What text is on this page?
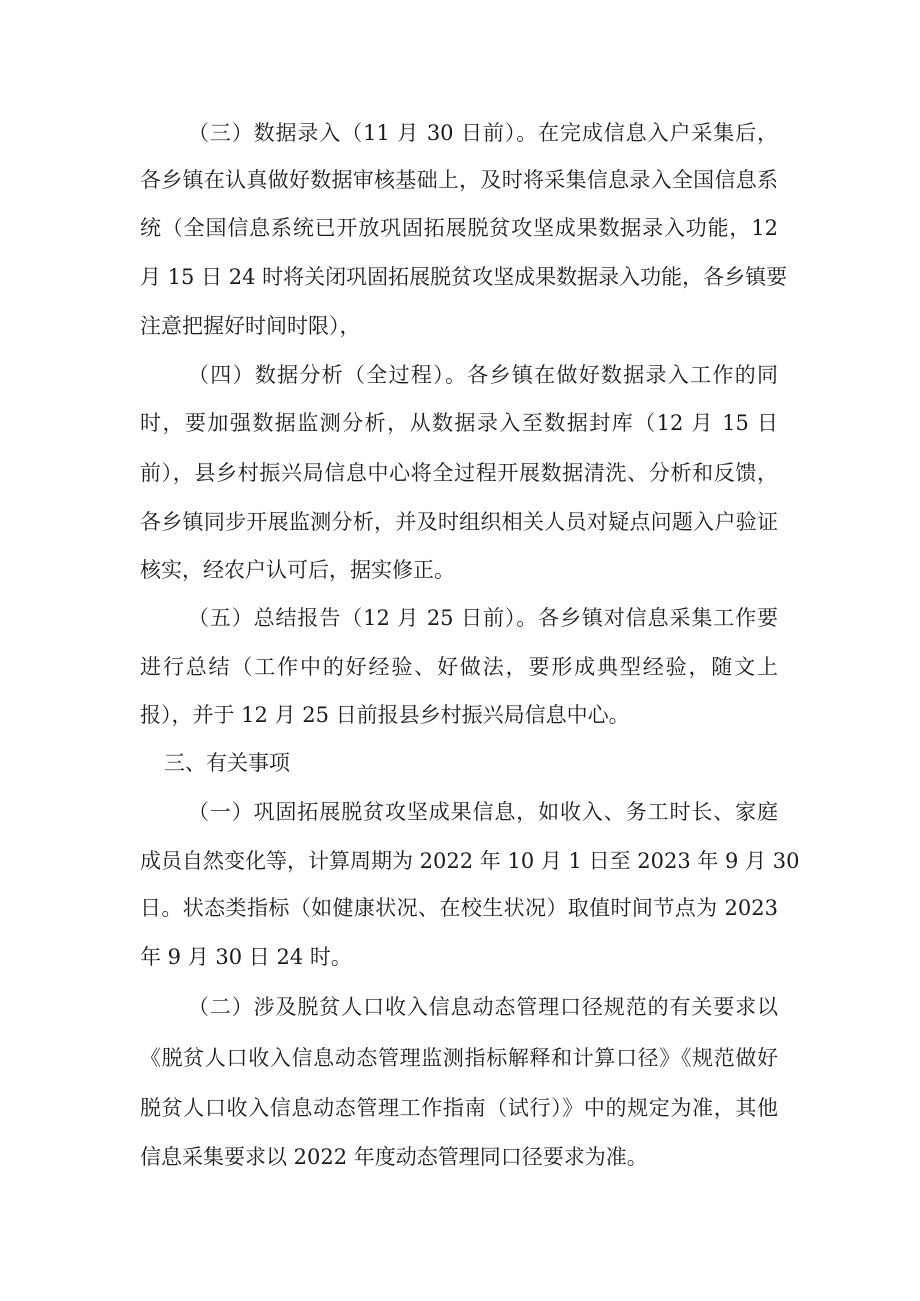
（三）数据录入（11 月 30 日前）。在完成信息入户采集后，
各乡镇在认真做好数据审核基础上，及时将采集信息录入全国信息系
统（全国信息系统已开放巩固拓展脱贫攻坚成果数据录入功能，12
月 15 日 24 时将关闭巩固拓展脱贫攻坚成果数据录入功能，各乡镇要
注意把握好时间时限），
（四）数据分析（全过程）。各乡镇在做好数据录入工作的同
时，要加强数据监测分析，从数据录入至数据封库（12 月 15 日
前），县乡村振兴局信息中心将全过程开展数据清洗、分析和反馈，
各乡镇同步开展监测分析，并及时组织相关人员对疑点问题入户验证
核实，经农户认可后，据实修正。
（五）总结报告（12 月 25 日前）。各乡镇对信息采集工作要
进行总结（工作中的好经验、好做法，要形成典型经验，随文上
报），并于 12 月 25 日前报县乡村振兴局信息中心。
三、有关事项
（一）巩固拓展脱贫攻坚成果信息，如收入、务工时长、家庭
成员自然变化等，计算周期为 2022 年 10 月 1 日至 2023 年 9 月 30
日。状态类指标（如健康状况、在校生状况）取值时间节点为 2023
年 9 月 30 日 24 时。
（二）涉及脱贫人口收入信息动态管理口径规范的有关要求以
《脱贫人口收入信息动态管理监测指标解释和计算口径》《规范做好
脱贫人口收入信息动态管理工作指南（试行）》中的规定为准，其他
信息采集要求以 2022 年度动态管理同口径要求为准。
